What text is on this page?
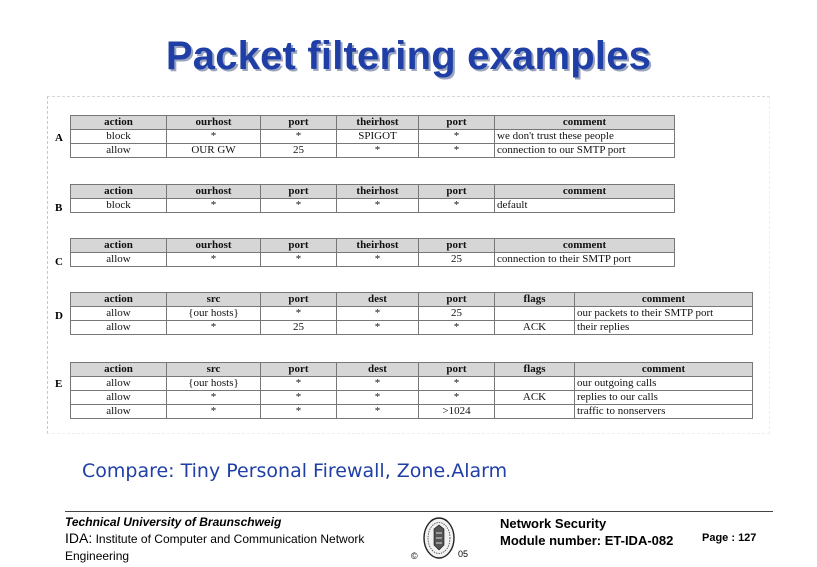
Packet filtering examples
A
action	ourhost	port	theirhost	port	comment
block	*	*	SPIGOT	*	we don't trust these people
allow	OUR GW	25	*	*	connection to our SMTP port
B
action	ourhost	port	theirhost	port	comment
block	*	*	*	*	default
C
action	ourhost	port	theirhost	port	comment
allow	*	*	*	25	connection to their SMTP port
D
action	src	port	dest	port	flags	comment
allow	{our hosts}	*	*	25		our packets to their SMTP port
allow	*	25	*	*	ACK	their replies
E
action	src	port	dest	port	flags	comment
allow	{our hosts}	*	*	*		our outgoing calls
allow	*	*	*	*	ACK	replies to our calls
allow	*	*	*	>1024		traffic to nonservers
Compare: Tiny Personal Firewall, Zone.Alarm
Technical University of Braunschweig
IDA: Institute of Computer and Communication Network Engineering	©	05
Network Security
Module number: ET-IDA-082	Page : 127
